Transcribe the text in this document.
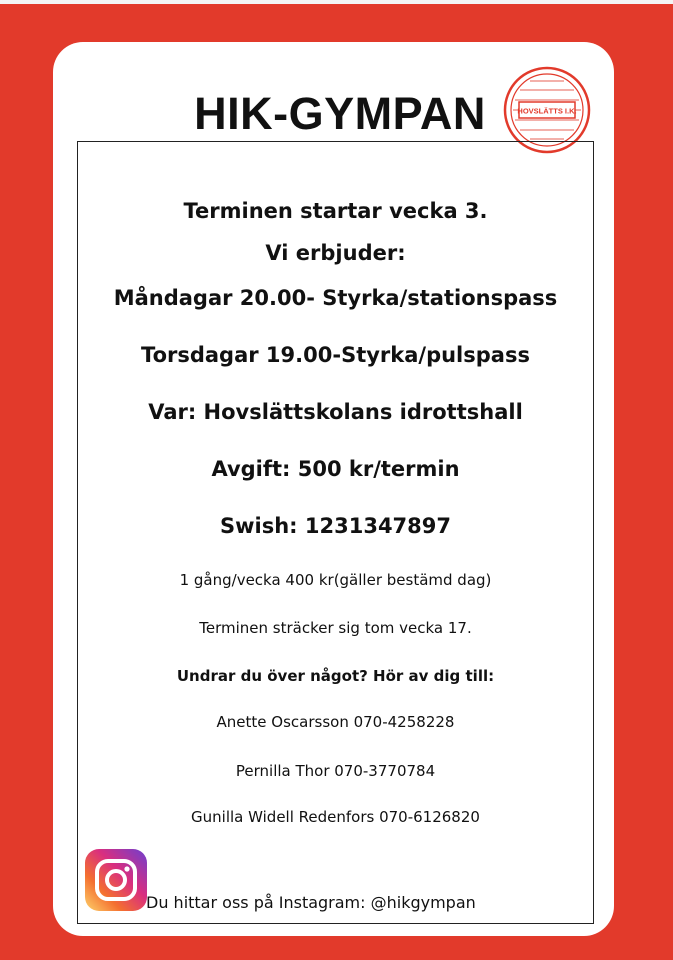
HIK-GYMPAN	HOVSLÄTTS I.K.
Terminen startar vecka 3.
Vi erbjuder:
Måndagar 20.00- Styrka/stationspass
Torsdagar 19.00-Styrka/pulspass
Var: Hovslättskolans idrottshall
Avgift: 500 kr/termin
Swish: 1231347897
1 gång/vecka 400 kr(gäller bestämd dag)
Terminen sträcker sig tom vecka 17.
Undrar du över något? Hör av dig till:
Anette Oscarsson 070-4258228
Pernilla Thor 070-3770784
Gunilla Widell Redenfors 070-6126820
Du hittar oss på Instagram: @hikgympan
